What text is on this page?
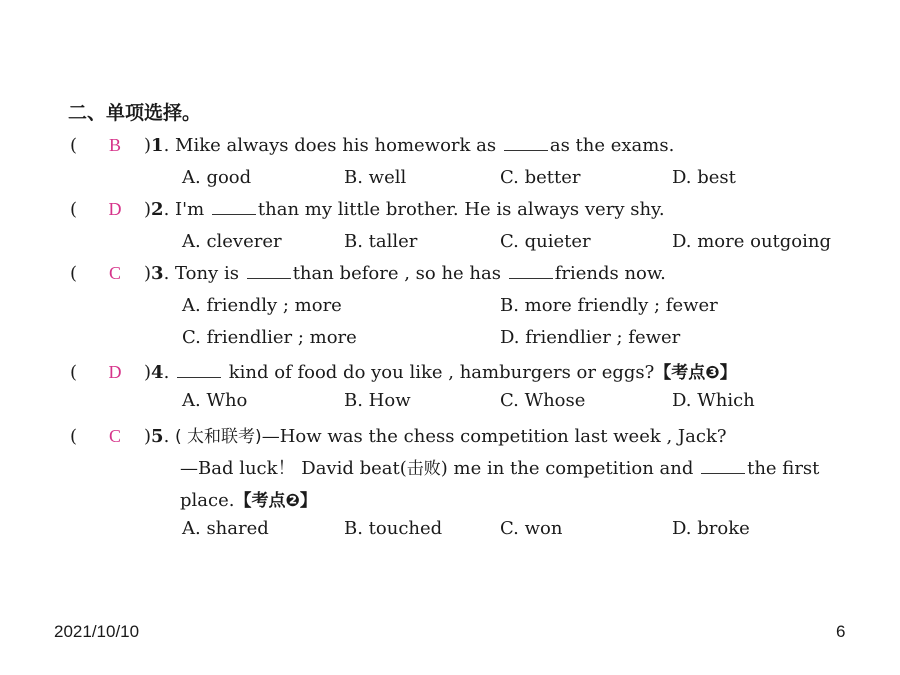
二、单项选择。
( B )1. Mike always does his homework as	as the exams.
A. good	B. well	C. better	D. best
( D )2. I'm	than my little brother. He is always very shy.
A. cleverer	B. taller	C. quieter	D. more outgoing
( C )3. Tony is	than before , so he has	friends now.
A. friendly ; more	B. more friendly ; fewer
C. friendlier ; more	D. friendlier ; fewer
( D )4.	kind of food do you like , hamburgers or eggs?【考点❸】
A. Who	B. How	C. Whose	D. Which
( C )5. ( 太和联考)—How was the chess competition last week , Jack?
—Bad luck！ David beat(击败) me in the competition and	the first
place.【考点❷】
A. shared	B. touched	C. won	D. broke
2021/10/10	6
